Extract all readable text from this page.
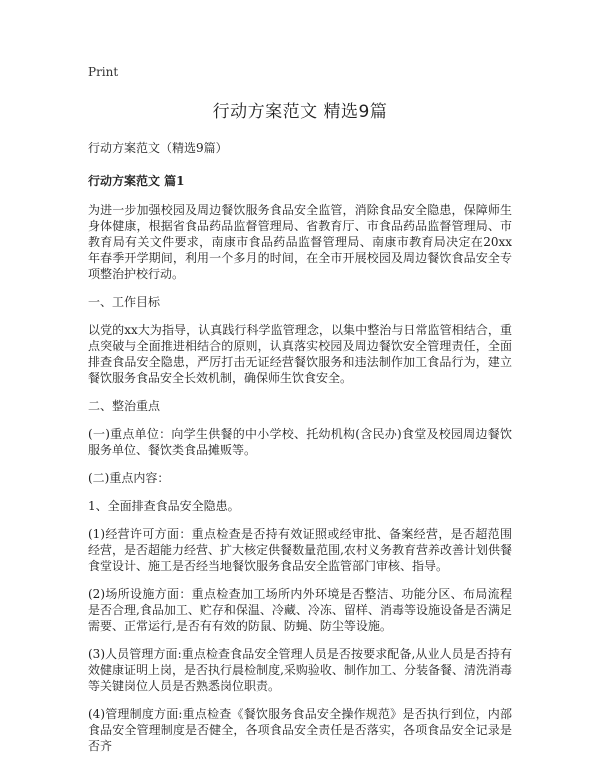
Print

行动方案范文 精选9篇

行动方案范文（精选9篇）

行动方案范文 篇1

为进一步加强校园及周边餐饮服务食品安全监管，消除食品安全隐患，保障师生身体健康，根据省食品药品监督管理局、省教育厅、市食品药品监督管理局、市教育局有关文件要求，南康市食品药品监督管理局、南康市教育局决定在20xx年春季开学期间，利用一个多月的时间，在全市开展校园及周边餐饮食品安全专项整治护校行动。

一、工作目标

以党的xx大为指导，认真践行科学监管理念，以集中整治与日常监管相结合，重点突破与全面推进相结合的原则，认真落实校园及周边餐饮安全管理责任，全面排查食品安全隐患，严厉打击无证经营餐饮服务和违法制作加工食品行为，建立餐饮服务食品安全长效机制，确保师生饮食安全。

二、整治重点

(一)重点单位：向学生供餐的中小学校、托幼机构(含民办)食堂及校园周边餐饮服务单位、餐饮类食品摊贩等。

(二)重点内容：

1、全面排查食品安全隐患。

(1)经营许可方面：重点检查是否持有效证照或经审批、备案经营，是否超范围经营，是否超能力经营、扩大核定供餐数量范围,农村义务教育营养改善计划供餐食堂设计、施工是否经当地餐饮服务食品安全监管部门审核、指导。

(2)场所设施方面：重点检查加工场所内外环境是否整洁、功能分区、布局流程是否合理,食品加工、贮存和保温、冷藏、冷冻、留样、消毒等设施设备是否满足需要、正常运行,是否有有效的防鼠、防蝇、防尘等设施。

(3)人员管理方面:重点检查食品安全管理人员是否按要求配备,从业人员是否持有效健康证明上岗，是否执行晨检制度,采购验收、制作加工、分装备餐、清洗消毒等关键岗位人员是否熟悉岗位职责。

(4)管理制度方面:重点检查《餐饮服务食品安全操作规范》是否执行到位，内部食品安全管理制度是否健全，各项食品安全责任是否落实，各项食品安全记录是否齐
